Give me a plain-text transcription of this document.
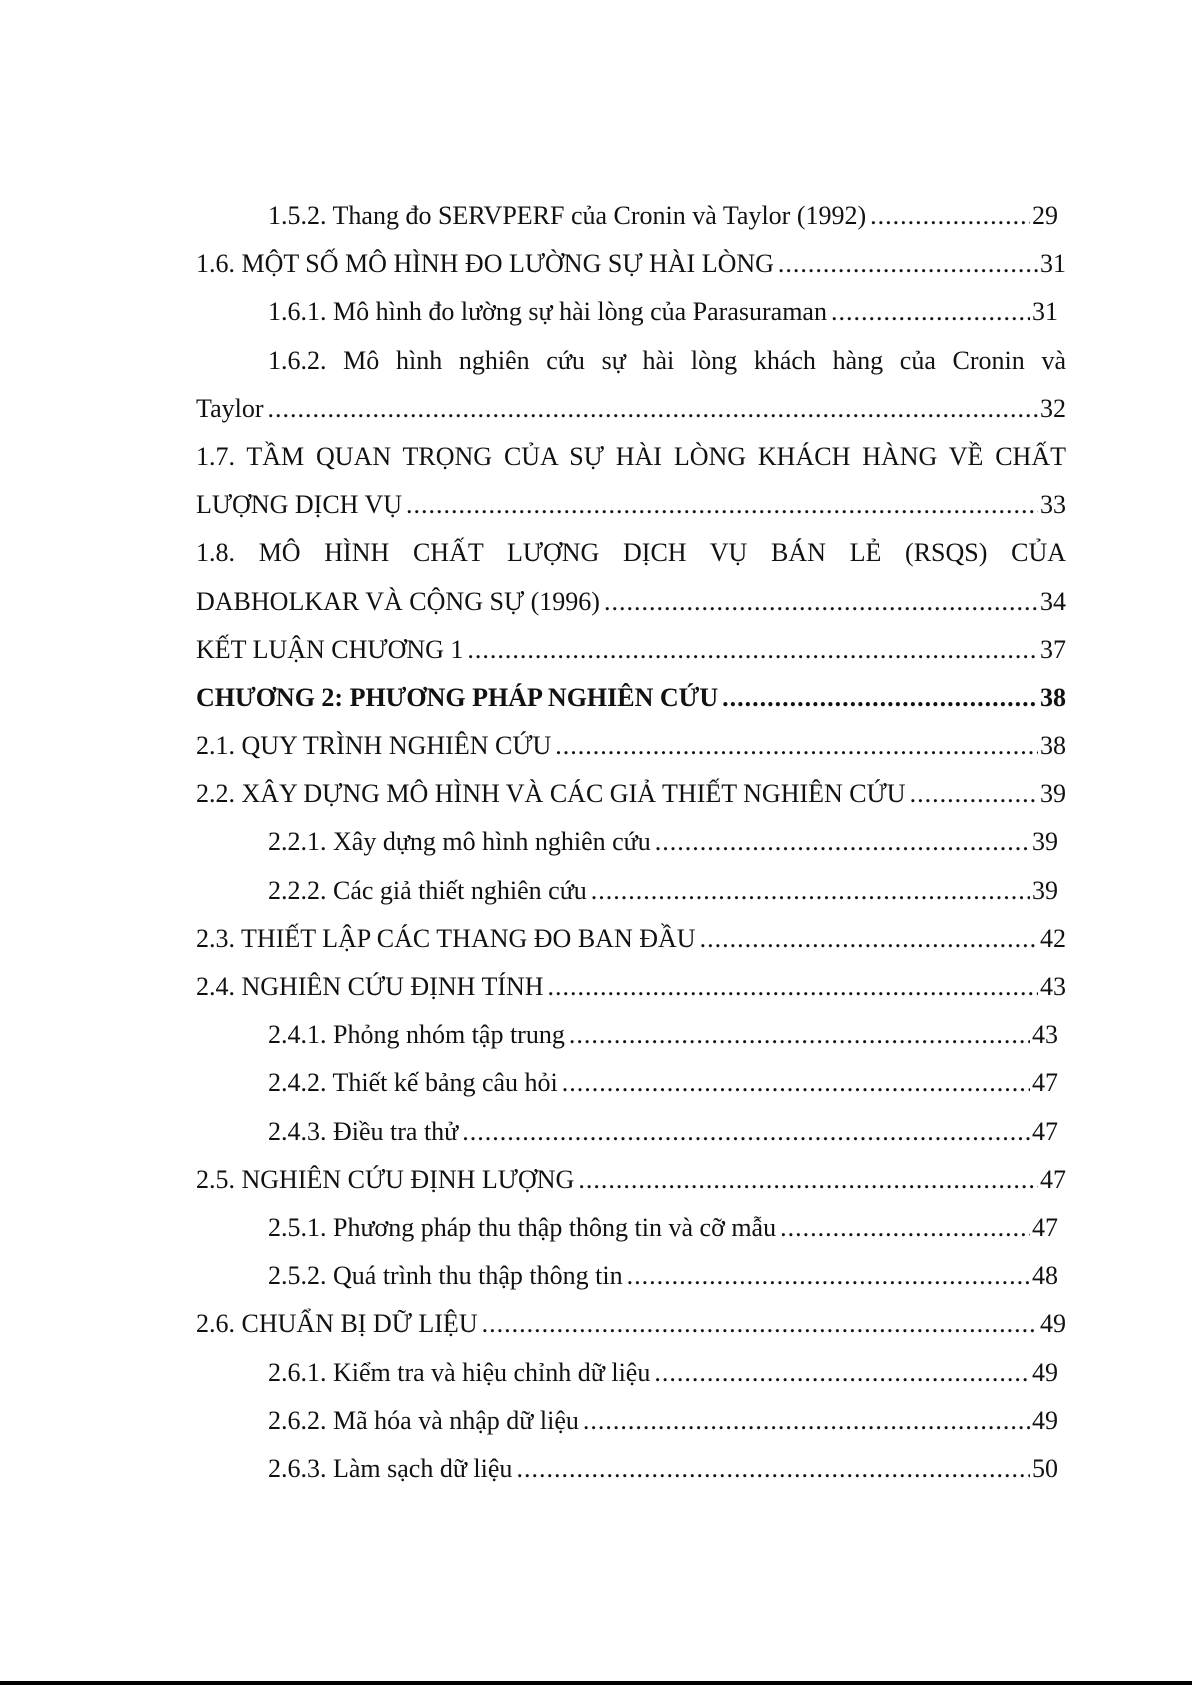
1.5.2. Thang đo SERVPERF của Cronin và Taylor (1992) .....	29
1.6. MỘT SỐ MÔ HÌNH ĐO LƯỜNG SỰ HÀI LÒNG .....	31
1.6.1. Mô hình đo lường sự hài lòng của Parasuraman .....	31
1.6.2. Mô hình nghiên cứu sự hài lòng khách hàng của Cronin và
Taylor .....	32
1.7. TẦM QUAN TRỌNG CỦA SỰ HÀI LÒNG KHÁCH HÀNG VỀ CHẤT
LƯỢNG DỊCH VỤ .....	33
1.8. MÔ HÌNH CHẤT LƯỢNG DỊCH VỤ BÁN LẺ (RSQS) CỦA
DABHOLKAR VÀ CỘNG SỰ (1996) .....	34
KẾT LUẬN CHƯƠNG 1 .....	37
CHƯƠNG 2: PHƯƠNG PHÁP NGHIÊN CỨU .....	38
2.1. QUY TRÌNH NGHIÊN CỨU .....	38
2.2. XÂY DỰNG MÔ HÌNH VÀ CÁC GIẢ THIẾT NGHIÊN CỨU .....	39
2.2.1. Xây dựng mô hình nghiên cứu .....	39
2.2.2. Các giả thiết nghiên cứu .....	39
2.3. THIẾT LẬP CÁC THANG ĐO BAN ĐẦU .....	42
2.4. NGHIÊN CỨU ĐỊNH TÍNH .....	43
2.4.1. Phỏng nhóm tập trung .....	43
2.4.2. Thiết kế bảng câu hỏi .....	47
2.4.3. Điều tra thử .....	47
2.5. NGHIÊN CỨU ĐỊNH LƯỢNG .....	47
2.5.1. Phương pháp thu thập thông tin và cỡ mẫu .....	47
2.5.2. Quá trình thu thập thông tin .....	48
2.6. CHUẨN BỊ DỮ LIỆU .....	49
2.6.1. Kiểm tra và hiệu chỉnh dữ liệu .....	49
2.6.2. Mã hóa và nhập dữ liệu .....	49
2.6.3. Làm sạch dữ liệu .....	50
